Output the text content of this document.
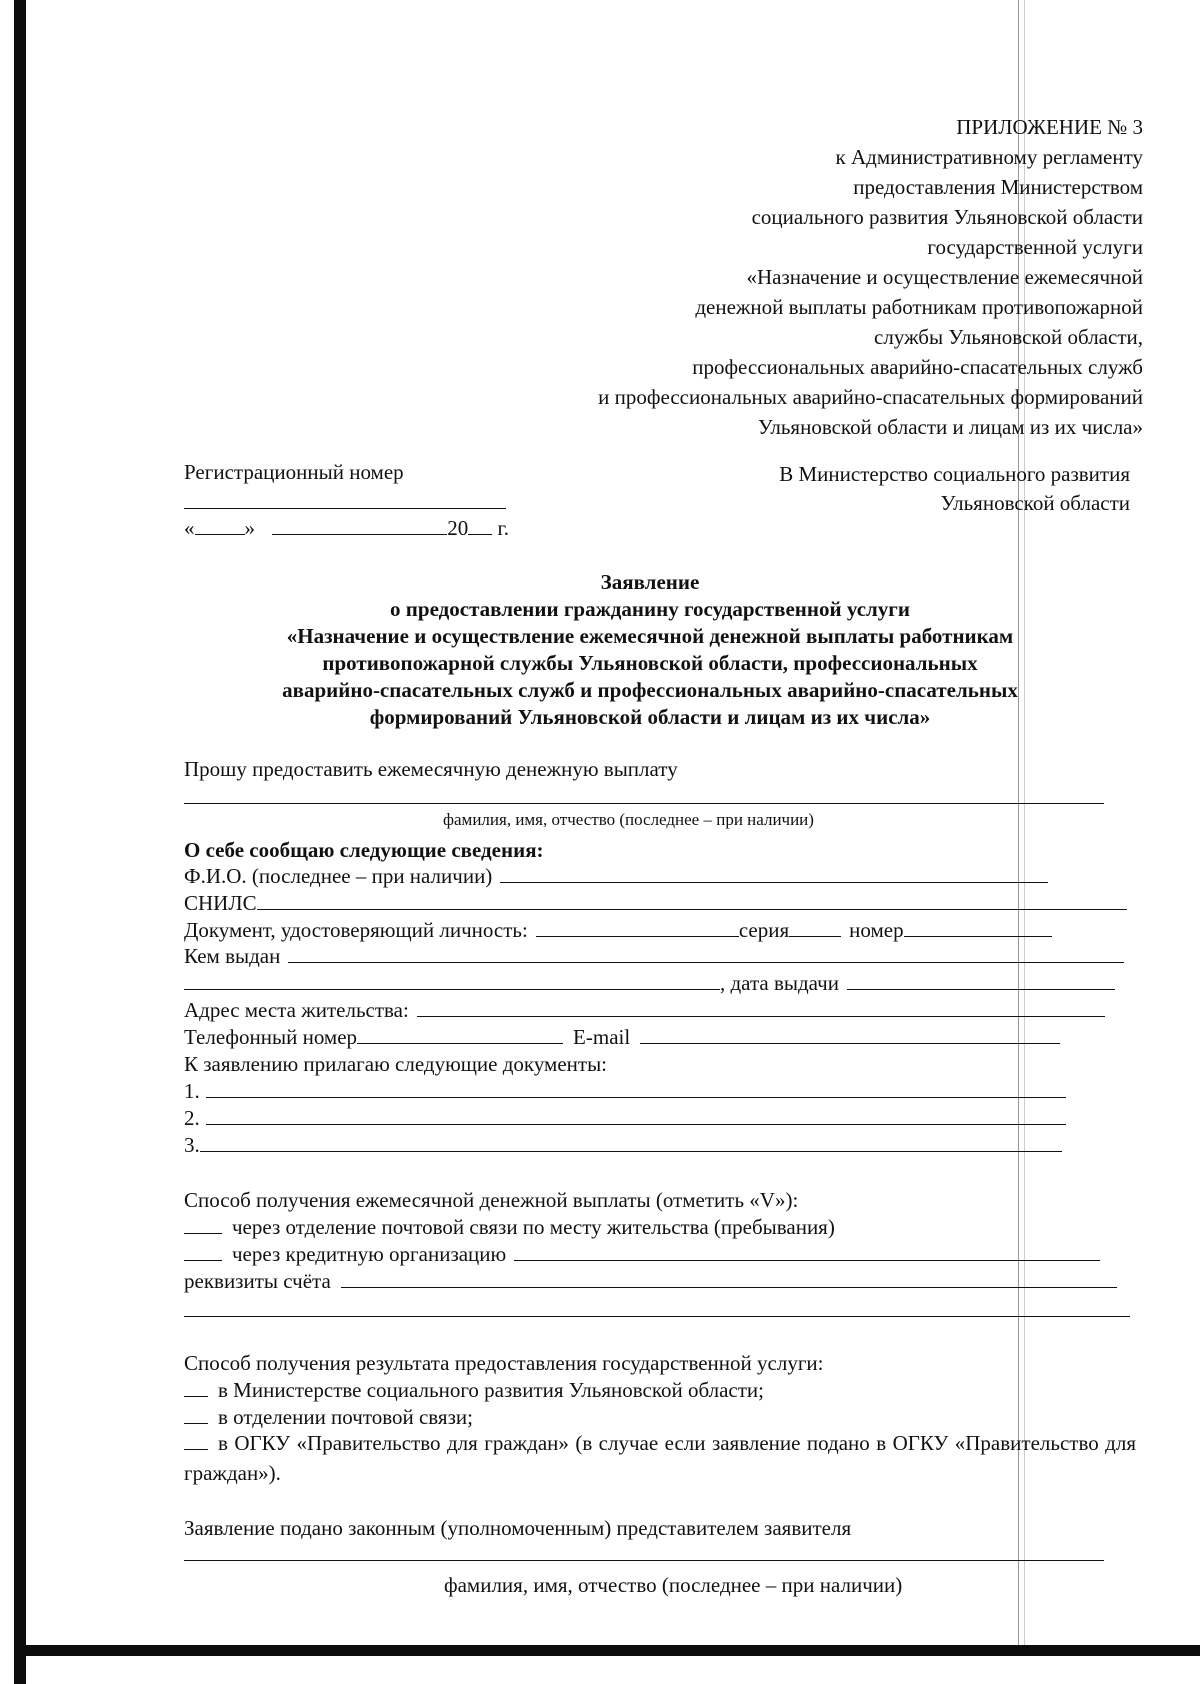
ПРИЛОЖЕНИЕ № 3
к Административному регламенту
предоставления Министерством
социального развития Ульяновской области
государственной услуги
«Назначение и осуществление ежемесячной
денежной выплаты работникам противопожарной
службы Ульяновской области,
профессиональных аварийно-спасательных служб
и профессиональных аварийно-спасательных формирований
Ульяновской области и лицам из их числа»
Регистрационный номер
« »	20 г.
В Министерство социального развития
Ульяновской области
Заявление
о предоставлении гражданину государственной услуги
«Назначение и осуществление ежемесячной денежной выплаты работникам
противопожарной службы Ульяновской области, профессиональных
аварийно-спасательных служб и профессиональных аварийно-спасательных
формирований Ульяновской области и лицам из их числа»
Прошу предоставить ежемесячную денежную выплату
фамилия, имя, отчество (последнее – при наличии)
О себе сообщаю следующие сведения:
Ф.И.О. (последнее – при наличии)
СНИЛС
Документ, удостоверяющий личность:	серия	номер
Кем выдан
, дата выдачи
Адрес места жительства:
Телефонный номер	E-mail
К заявлению прилагаю следующие документы:
1.
2.
3.
Способ получения ежемесячной денежной выплаты (отметить «V»):
через отделение почтовой связи по месту жительства (пребывания)
через кредитную организацию
реквизиты счёта
Способ получения результата предоставления государственной услуги:
в Министерстве социального развития Ульяновской области;
в отделении почтовой связи;
в ОГКУ «Правительство для граждан» (в случае если заявление подано в ОГКУ «Правительство для граждан»).
Заявление подано законным (уполномоченным) представителем заявителя
фамилия, имя, отчество (последнее – при наличии)
